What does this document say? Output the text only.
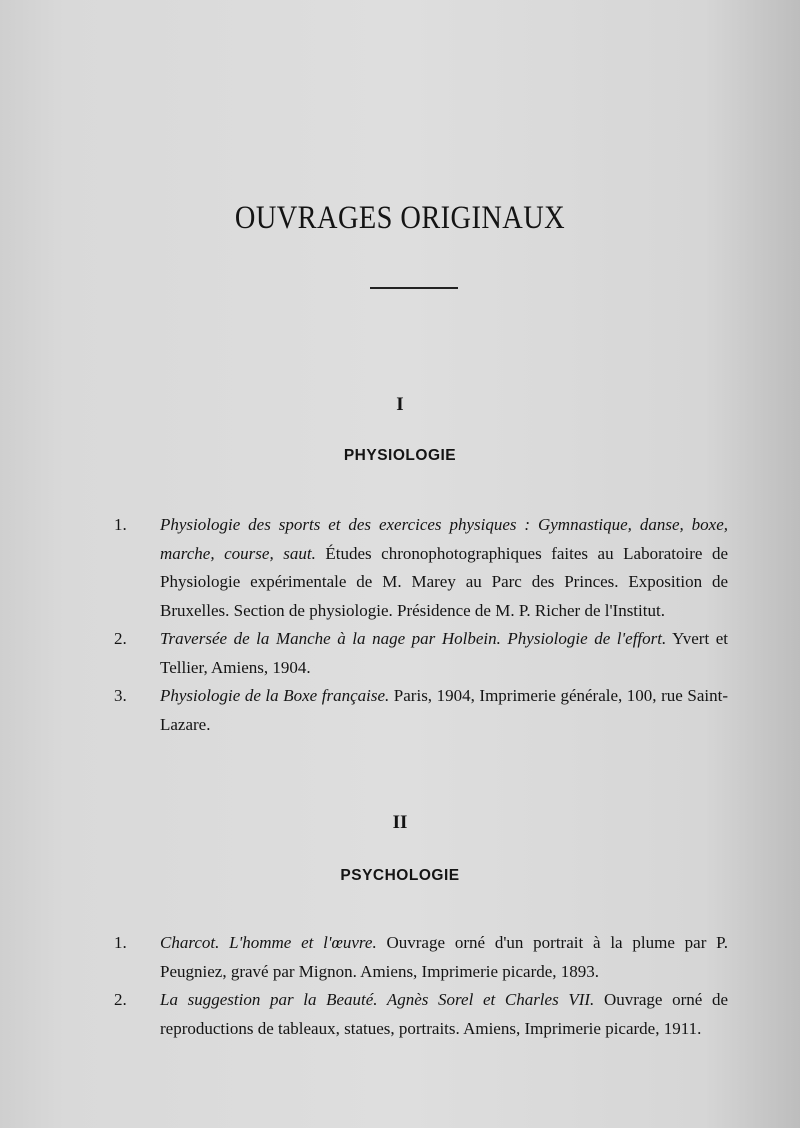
OUVRAGES ORIGINAUX
I
PHYSIOLOGIE
1. Physiologie des sports et des exercices physiques : Gymnastique, danse, boxe, marche, course, saut. Études chronophotographiques faites au Laboratoire de Physiologie expérimentale de M. Marey au Parc des Princes. Exposition de Bruxelles. Section de physiologie. Présidence de M. P. Richer de l'Institut.
2. Traversée de la Manche à la nage par Holbein. Physiologie de l'effort. Yvert et Tellier, Amiens, 1904.
3. Physiologie de la Boxe française. Paris, 1904, Imprimerie générale, 100, rue Saint-Lazare.
II
PSYCHOLOGIE
1. Charcot. L'homme et l'œuvre. Ouvrage orné d'un portrait à la plume par P. Peugniez, gravé par Mignon. Amiens, Imprimerie picarde, 1893.
2. La suggestion par la Beauté. Agnès Sorel et Charles VII. Ouvrage orné de reproductions de tableaux, statues, portraits. Amiens, Imprimerie picarde, 1911.
